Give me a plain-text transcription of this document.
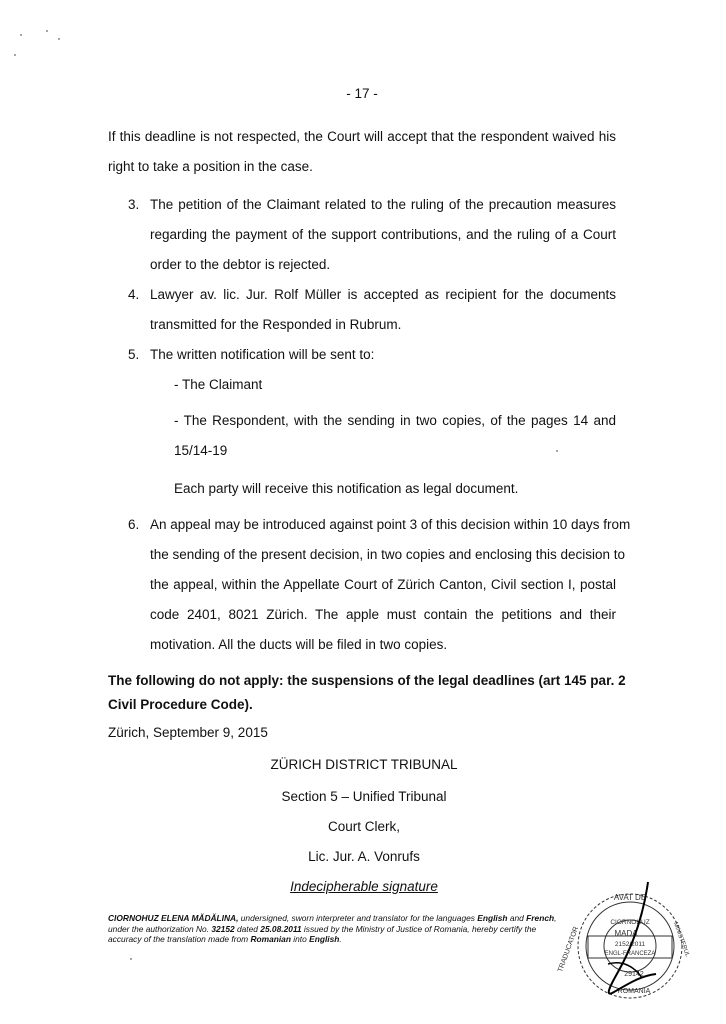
- 17 -
If this deadline is not respected, the Court will accept that the respondent waived his
right to take a position in the case.
3. The petition of the Claimant related to the ruling of the precaution measures
regarding the payment of the support contributions, and the ruling of a Court
order to the debtor is rejected.
4. Lawyer av. lic. Jur. Rolf Müller is accepted as recipient for the documents
transmitted for the Responded in Rubrum.
5. The written notification will be sent to:
- The Claimant
- The Respondent, with the sending in two copies, of the pages 14 and
15/14-19
Each party will receive this notification as legal document.
6. An appeal may be introduced against point 3 of this decision within 10 days from
the sending of the present decision, in two copies and enclosing this decision to
the appeal, within the Appellate Court of Zürich Canton, Civil section I, postal
code 2401, 8021 Zürich. The apple must contain the petitions and their
motivation. All the ducts will be filed in two copies.
The following do not apply: the suspensions of the legal deadlines (art 145 par. 2
Civil Procedure Code).
Zürich, September 9, 2015
ZÜRICH DISTRICT TRIBUNAL
Section 5 – Unified Tribunal
Court Clerk,
Lic. Jur. A. Vonrufs
Indecipherable signature
CIORNOHUZ ELENA MĂDĂLINA, undersigned, sworn interpreter and translator for the languages English and French,
under the authorization No. 32152 dated 25.08.2011 issued by the Ministry of Justice of Romania, hereby certify the
accuracy of the translation made from Romanian into English.
AVAT DE
TRADUCATOR	MINISTERUL
CIORNOHUZ
MADA
2152/2011
ENGL-FRANCEZA
29142
ROMANIA
